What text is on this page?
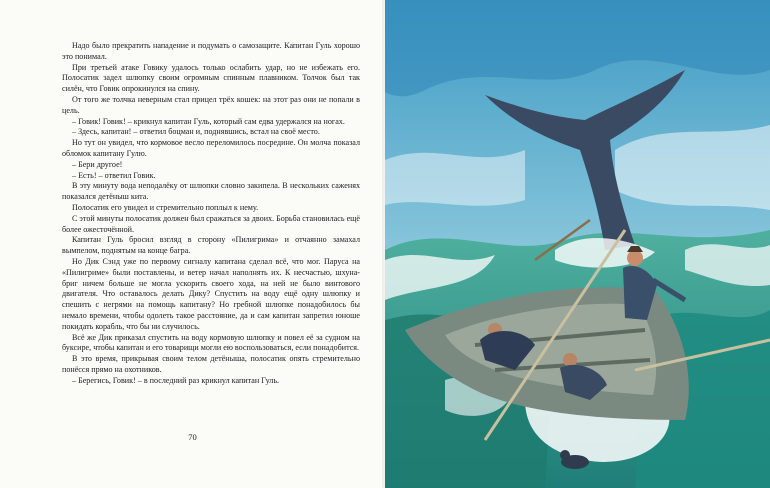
Надо было прекратить нападение и подумать о самозащите. Капитан Гуль хорошо это понимал.

При третьей атаке Говику удалось только ослабить удар, но не избежать его. Полосатик задел шлюпку своим огромным спинным плавником. Толчок был так силён, что Говик опрокинулся на спину.

От того же толчка неверным стал прицел трёх кошек: на этот раз они не попали в цель.

– Говик! Говик! – крикнул капитан Гуль, который сам едва удержался на ногах.

– Здесь, капитан! – ответил боцман и, поднявшись, встал на своё место.

Но тут он увидел, что кормовое весло переломилось посредине. Он молча показал обломок капитану Гулю.

– Бери другое!

– Есть! – ответил Говик.

В эту минуту вода неподалёку от шлюпки словно закипела. В нескольких саженях показался детёныш кита.

Полосатик его увидел и стремительно поплыл к нему.

С этой минуты полосатик должен был сражаться за двоих. Борьба становилась ещё более ожесточённой.

Капитан Гуль бросил взгляд в сторону «Пилигрима» и отчаянно замахал вымпелом, поднятым на конце багра.

Но Дик Сэнд уже по первому сигналу капитана сделал всё, что мог. Паруса на «Пилигриме» были поставлены, и ветер начал наполнять их. К несчастью, шхуна-бриг ничем больше не могла ускорить своего хода, на ней не было винтового двигателя. Что оставалось делать Дику? Спустить на воду ещё одну шлюпку и спешить с негрями на помощь капитану? Но гребной шлюпке понадобилось бы немало времени, чтобы одолеть такое расстояние, да и сам капитан запретил юноше покидать корабль, что бы ни случилось.

Всё же Дик приказал спустить на воду кормовую шлюпку и повел её за судном на буксире, чтобы капитан и его товарищи могли ею воспользоваться, если понадобится.

В это время, прикрывая своим телом детёныша, полосатик опять стремительно понёсся прямо на охотников.

– Берегись, Говик! – в последний раз крикнул капитан Гуль.

70
